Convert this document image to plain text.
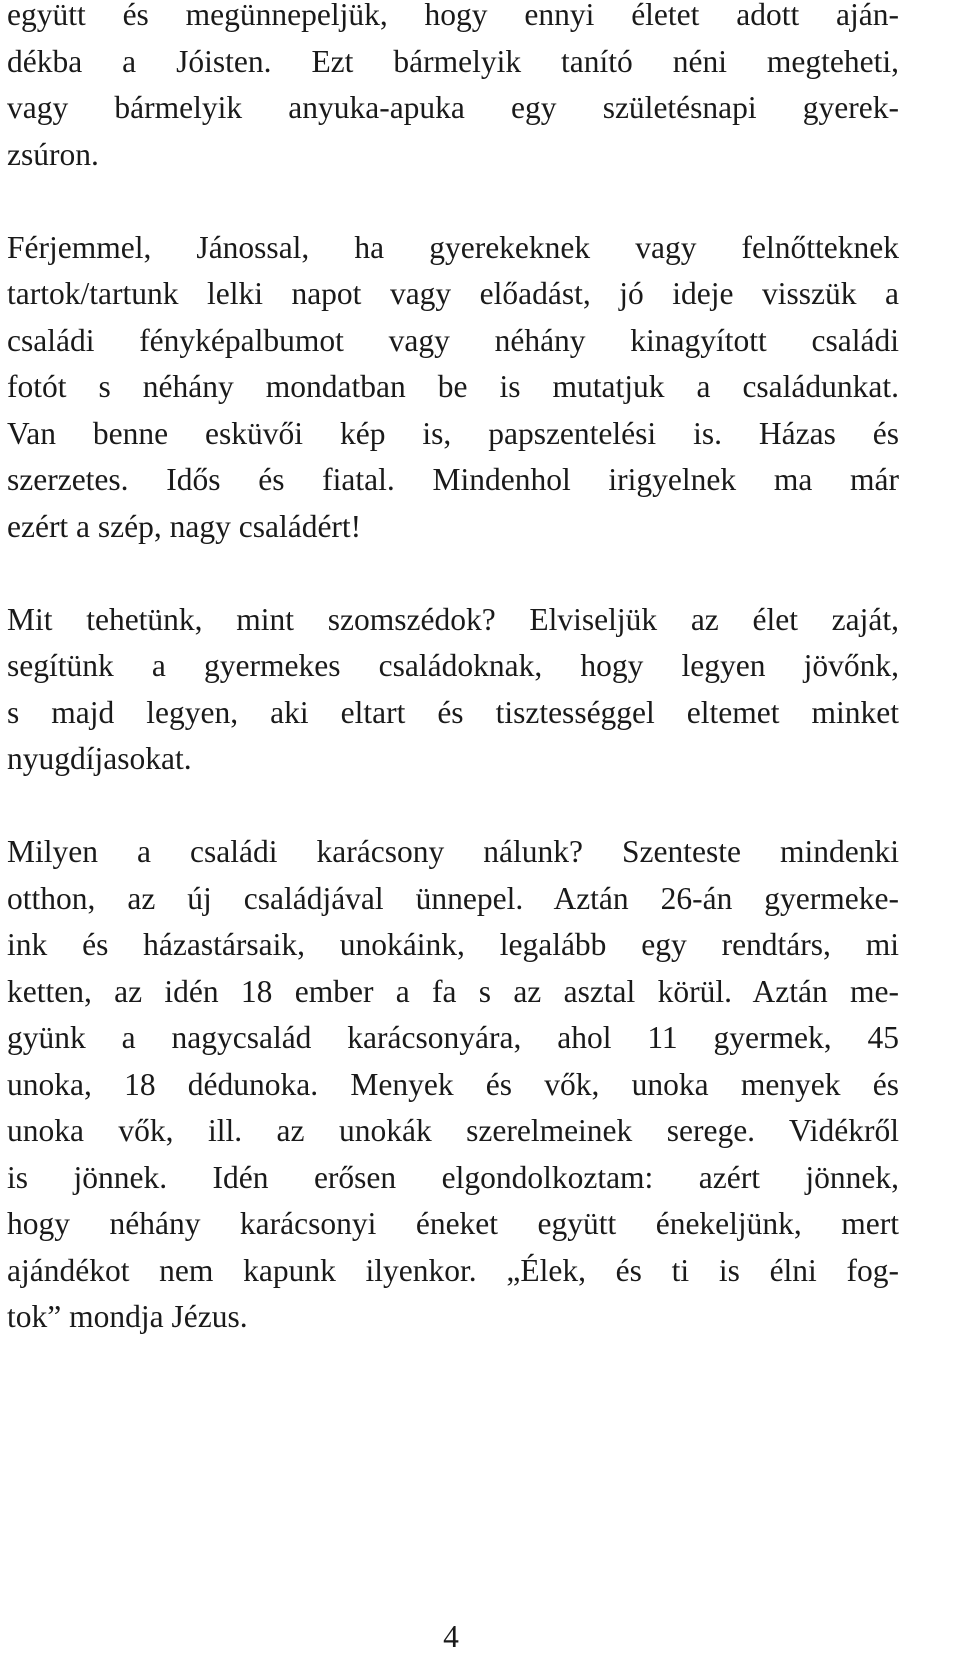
együtt és megünnepeljük, hogy ennyi életet adott aján-
dékba a Jóisten. Ezt bármelyik tanító néni megteheti,
vagy bármelyik anyuka-apuka egy születésnapi gyerek-
zsúron.
Férjemmel, Jánossal, ha gyerekeknek vagy felnőtteknek
tartok/tartunk lelki napot vagy előadást, jó ideje visszük a
családi fényképalbumot vagy néhány kinagyított családi
fotót s néhány mondatban be is mutatjuk a családunkat.
Van benne esküvői kép is, papszentelési is. Házas és
szerzetes. Idős és fiatal. Mindenhol irigyelnek ma már
ezért a szép, nagy családért!
Mit tehetünk, mint szomszédok? Elviseljük az élet zaját,
segítünk a gyermekes családoknak, hogy legyen jövőnk,
s majd legyen, aki eltart és tisztességgel eltemet minket
nyugdíjasokat.
Milyen a családi karácsony nálunk? Szenteste mindenki
otthon, az új családjával ünnepel. Aztán 26-án gyermeke-
ink és házastársaik, unokáink, legalább egy rendtárs, mi
ketten, az idén 18 ember a fa s az asztal körül. Aztán me-
gyünk a nagycsalád karácsonyára, ahol 11 gyermek, 45
unoka, 18 dédunoka. Menyek és vők, unoka menyek és
unoka vők, ill. az unokák szerelmeinek serege. Vidékről
is jönnek. Idén erősen elgondolkoztam: azért jönnek,
hogy néhány karácsonyi éneket együtt énekeljünk, mert
ajándékot nem kapunk ilyenkor. „Élek, és ti is élni fog-
tok” mondja Jézus.
4
